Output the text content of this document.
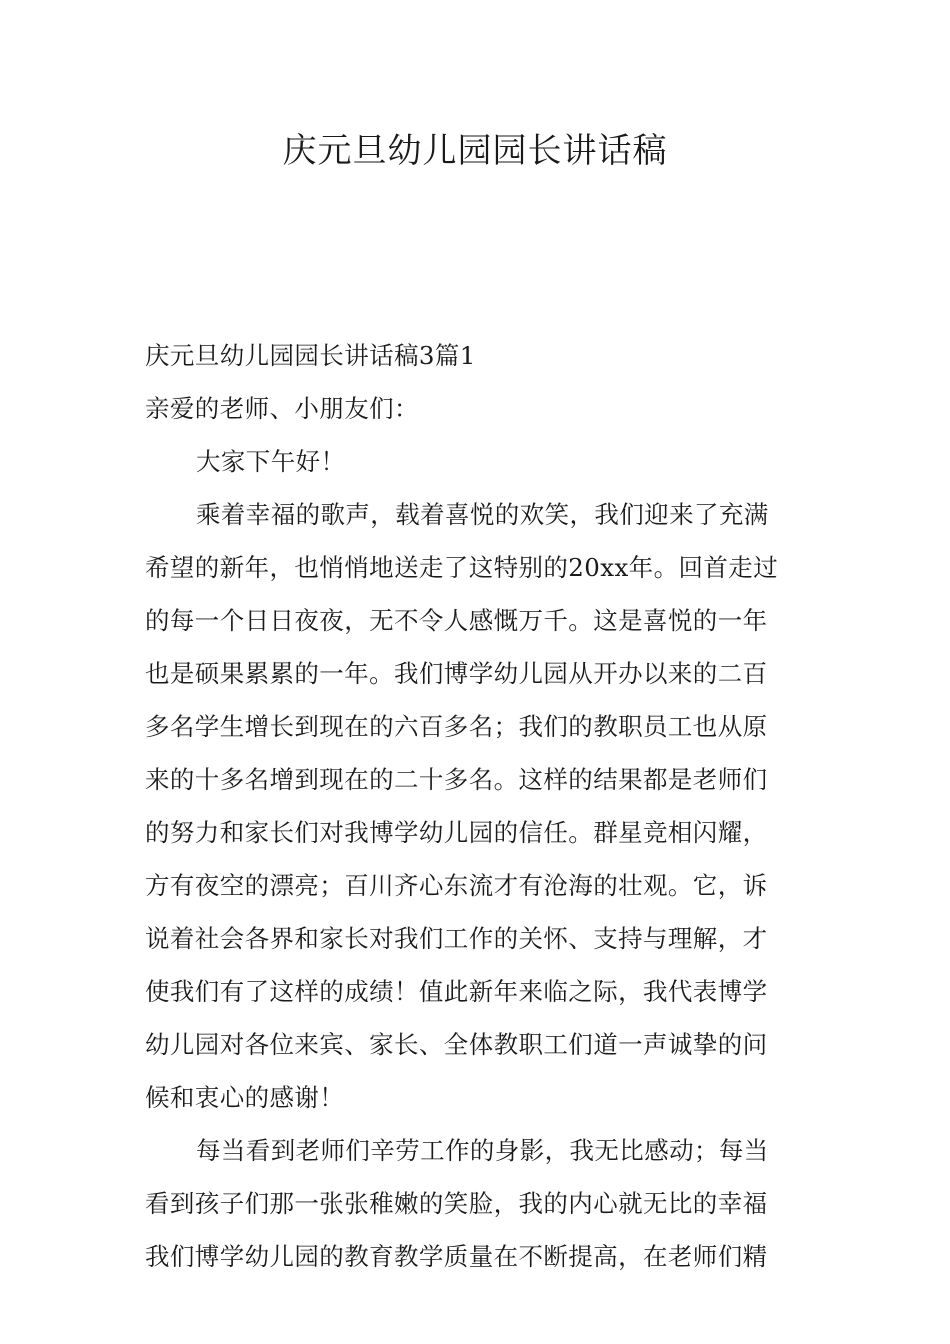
庆元旦幼儿园园长讲话稿
庆元旦幼儿园园长讲话稿3篇1
亲爱的老师、小朋友们：
大家下午好！
乘着幸福的歌声，载着喜悦的欢笑，我们迎来了充满
希望的新年，也悄悄地送走了这特别的20xx年。回首走过
的每一个日日夜夜，无不令人感慨万千。这是喜悦的一年
也是硕果累累的一年。我们博学幼儿园从开办以来的二百
多名学生增长到现在的六百多名；我们的教职员工也从原
来的十多名增到现在的二十多名。这样的结果都是老师们
的努力和家长们对我博学幼儿园的信任。群星竞相闪耀，
方有夜空的漂亮；百川齐心东流才有沧海的壮观。它，诉
说着社会各界和家长对我们工作的关怀、支持与理解，才
使我们有了这样的成绩！值此新年来临之际，我代表博学
幼儿园对各位来宾、家长、全体教职工们道一声诚挚的问
候和衷心的感谢！
每当看到老师们辛劳工作的身影，我无比感动；每当
看到孩子们那一张张稚嫩的笑脸，我的内心就无比的幸福
我们博学幼儿园的教育教学质量在不断提高，在老师们精
